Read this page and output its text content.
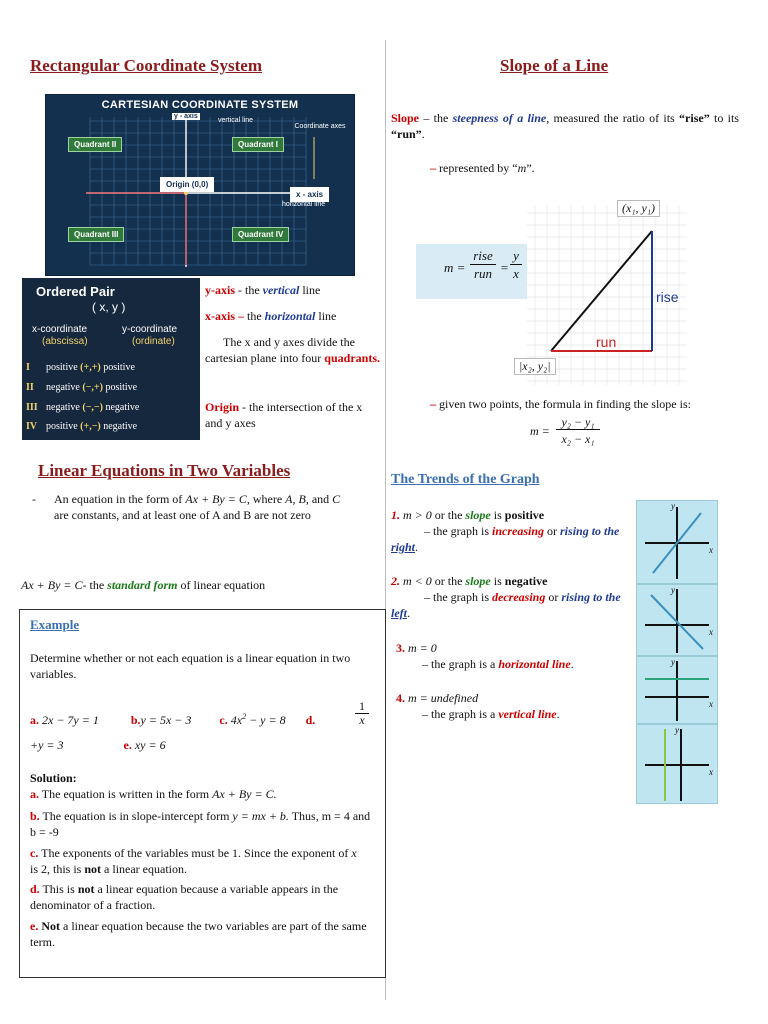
Rectangular Coordinate System
CARTESIAN COORDINATE SYSTEM
y - axis
vertical line
Coordinate axes
Quadrant II	Quadrant I
Origin (0,0)
x - axis
horizontal line
Quadrant III	Quadrant IV
Ordered Pair
( x, y )
x-coordinate
(abscissa)
y-coordinate
(ordinate)
I positive (+,+) positive
II negative (−,+) positive
III negative (−,−) negative
IV positive (+,−) negative
y-axis - the vertical line
x-axis – the horizontal line
The x and y axes divide the cartesian plane into four quadrants.
Origin - the intersection of the x and y axes
Linear Equations in Two Variables
- An equation in the form of Ax + By = C, where A, B, and C are constants, and at least one of A and B are not zero
Ax + By = C- the standard form of linear equation
Example
Determine whether or not each equation is a linear equation in two variables.
a. 2x − 7y = 1	b.y = 5x − 3 c. $4x^2 - y = 8$ d.
1
x
+y = 3	e. xy = 6
Solution:
a. The equation is written in the form Ax + By = C.
b. The equation is in slope-intercept form y = mx + b. Thus, m = 4 and b = -9
c. The exponents of the variables must be 1. Since the exponent of x is 2, this is not a linear equation.
d. This is not a linear equation because a variable appears in the denominator of a fraction.
e. Not a linear equation because the two variables are part of the same term.
Slope of a Line
Slope – the steepness of a line, measured the ratio of its “rise” to its “run”.
– represented by “m”.
m =
rise
run =
y
x
(x₁, y₁)
rise
run
|x₂, y₂|
– given two points, the formula in finding the slope is:
m =
y₂ − y₁
x₂ − x₁
The Trends of the Graph
1. m > 0 or the slope is positive
– the graph is increasing or rising to the right.
2. m < 0 or the slope is negative
– the graph is decreasing or rising to the left.
3. m = 0
– the graph is a horizontal line.
4. m = undefined
– the graph is a vertical line.
y
x
y
x
y
x
y
x
